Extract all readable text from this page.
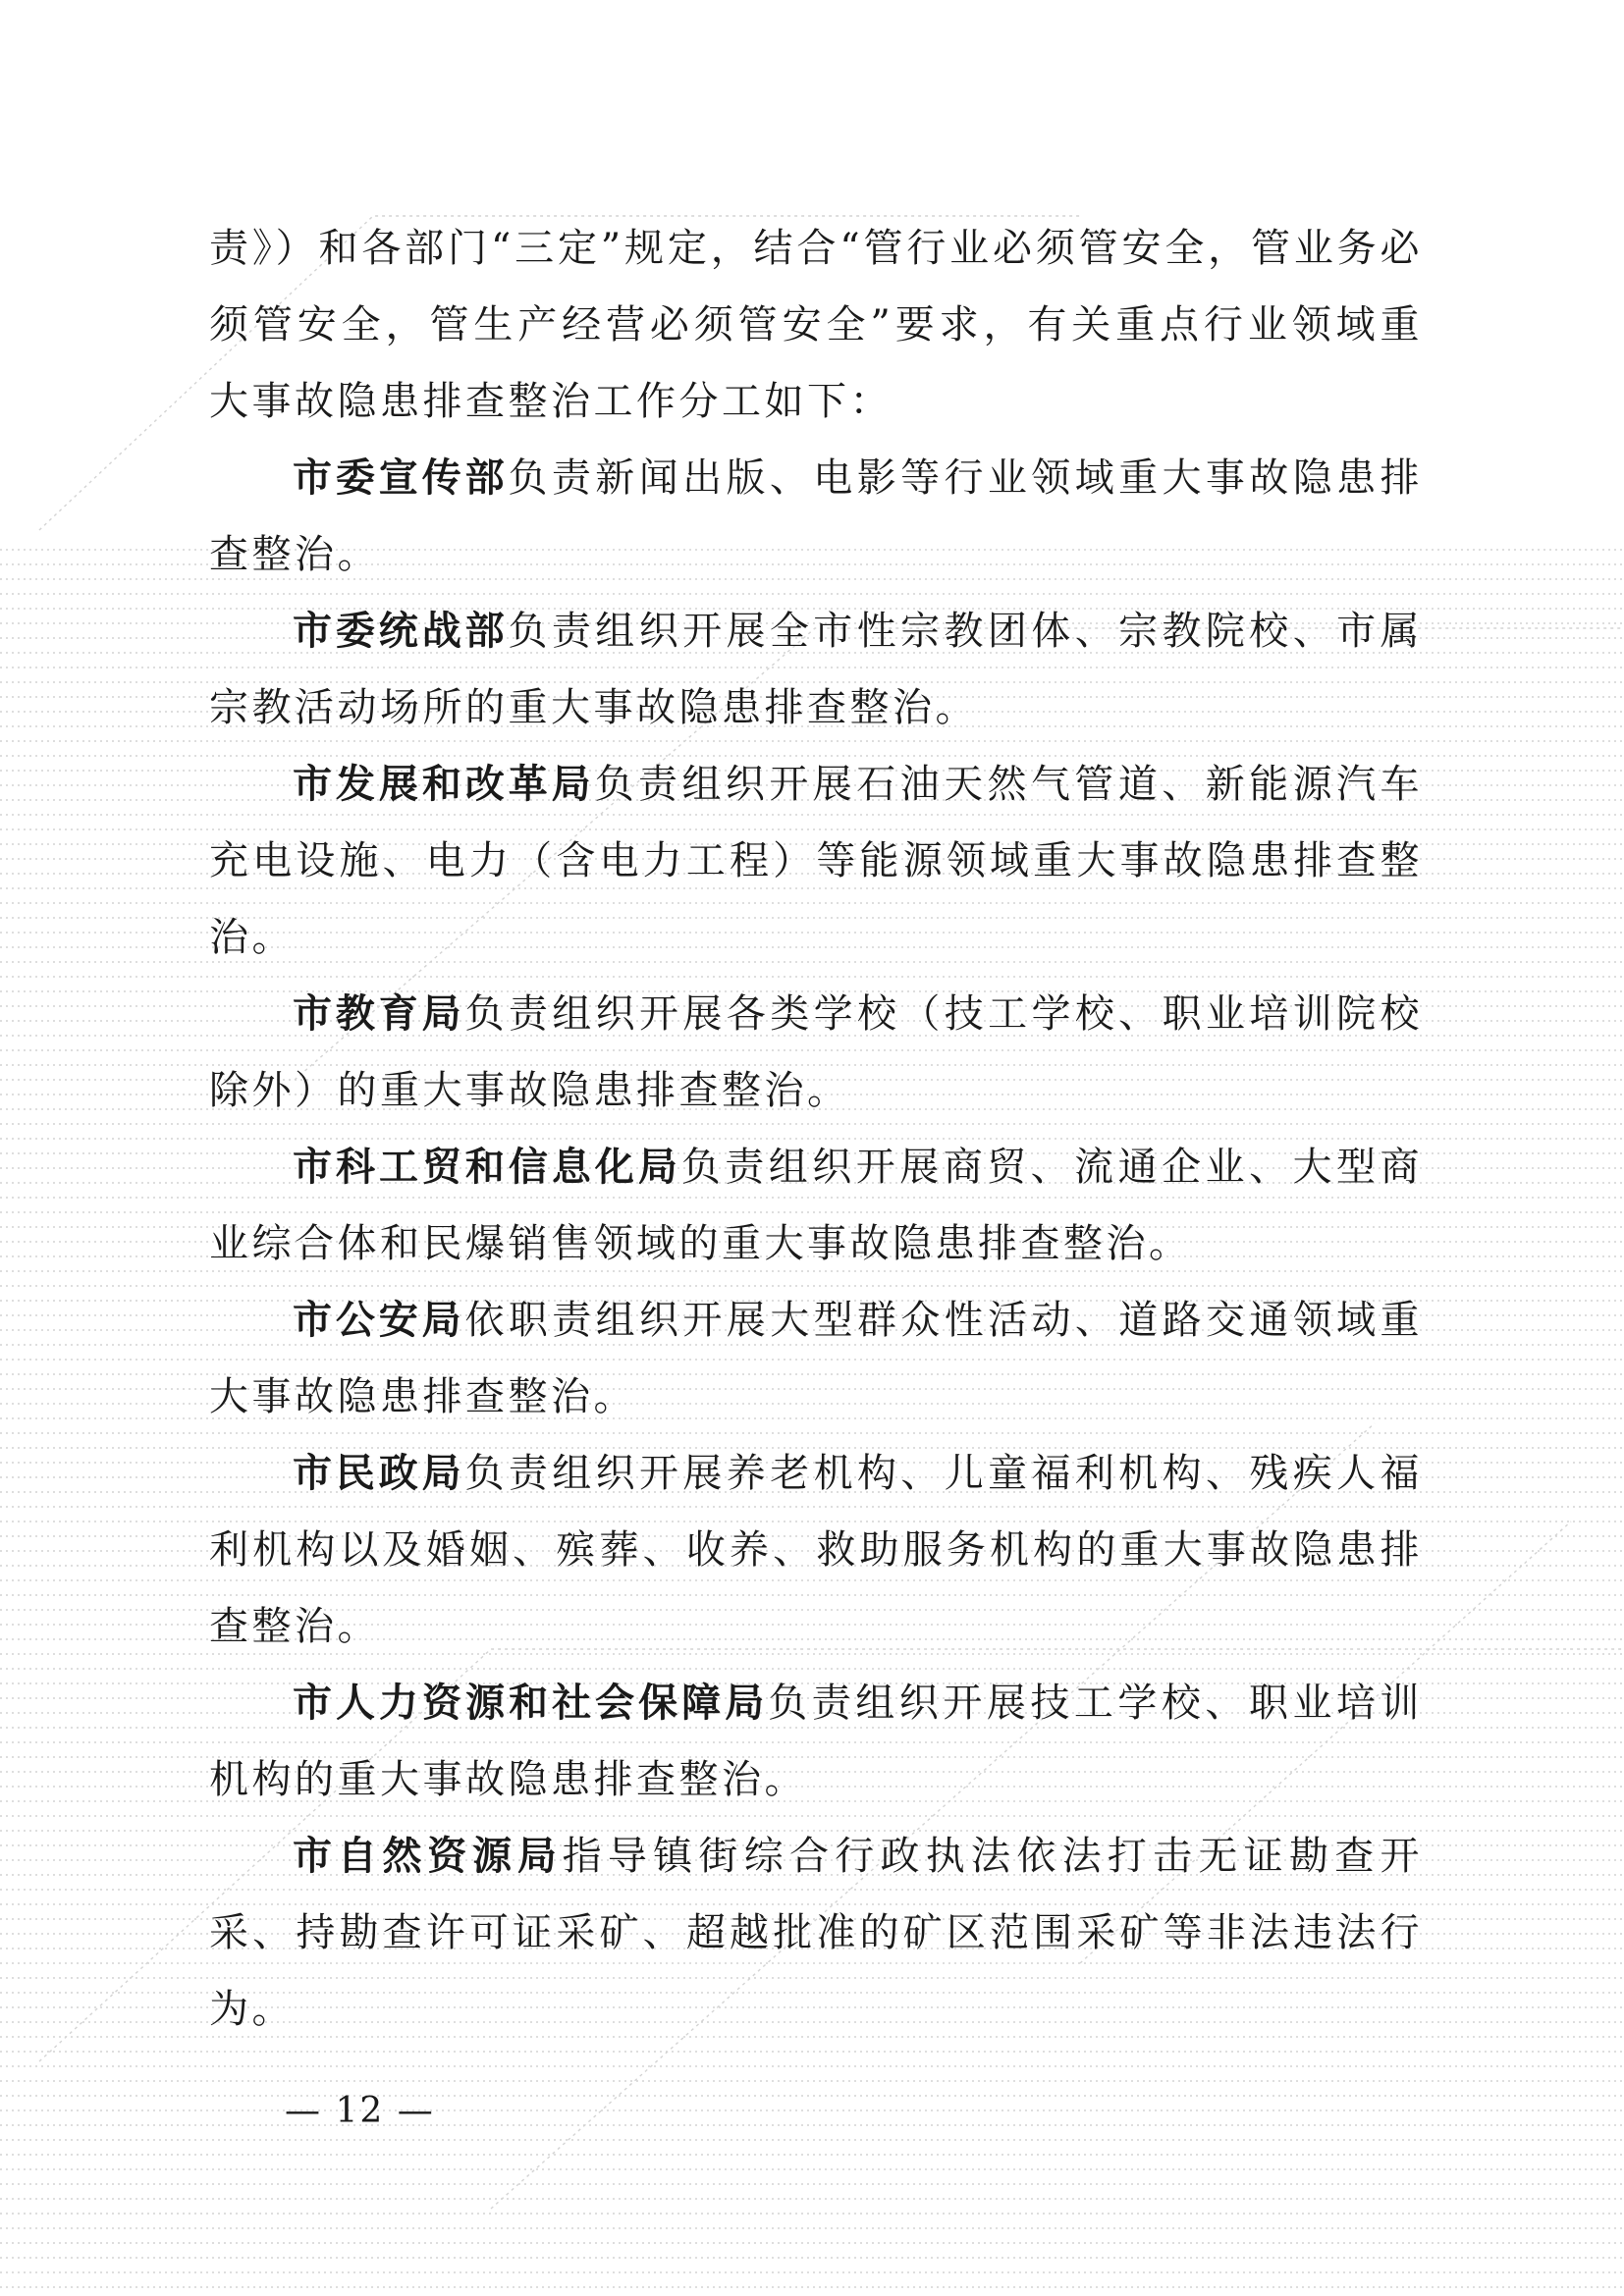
责》）和各部门“三定”规定，结合“管行业必须管安全，管业务必须管安全，管生产经营必须管安全”要求，有关重点行业领域重大事故隐患排查整治工作分工如下：

市委宣传部负责新闻出版、电影等行业领域重大事故隐患排查整治。

市委统战部负责组织开展全市性宗教团体、宗教院校、市属宗教活动场所的重大事故隐患排查整治。

市发展和改革局负责组织开展石油天然气管道、新能源汽车充电设施、电力（含电力工程）等能源领域重大事故隐患排查整治。

市教育局负责组织开展各类学校（技工学校、职业培训院校除外）的重大事故隐患排查整治。

市科工贸和信息化局负责组织开展商贸、流通企业、大型商业综合体和民爆销售领域的重大事故隐患排查整治。

市公安局依职责组织开展大型群众性活动、道路交通领域重大事故隐患排查整治。

市民政局负责组织开展养老机构、儿童福利机构、残疾人福利机构以及婚姻、殡葬、收养、救助服务机构的重大事故隐患排查整治。

市人力资源和社会保障局负责组织开展技工学校、职业培训机构的重大事故隐患排查整治。

市自然资源局指导镇街综合行政执法依法打击无证勘查开采、持勘查许可证采矿、超越批准的矿区范围采矿等非法违法行为。

— 12 —
